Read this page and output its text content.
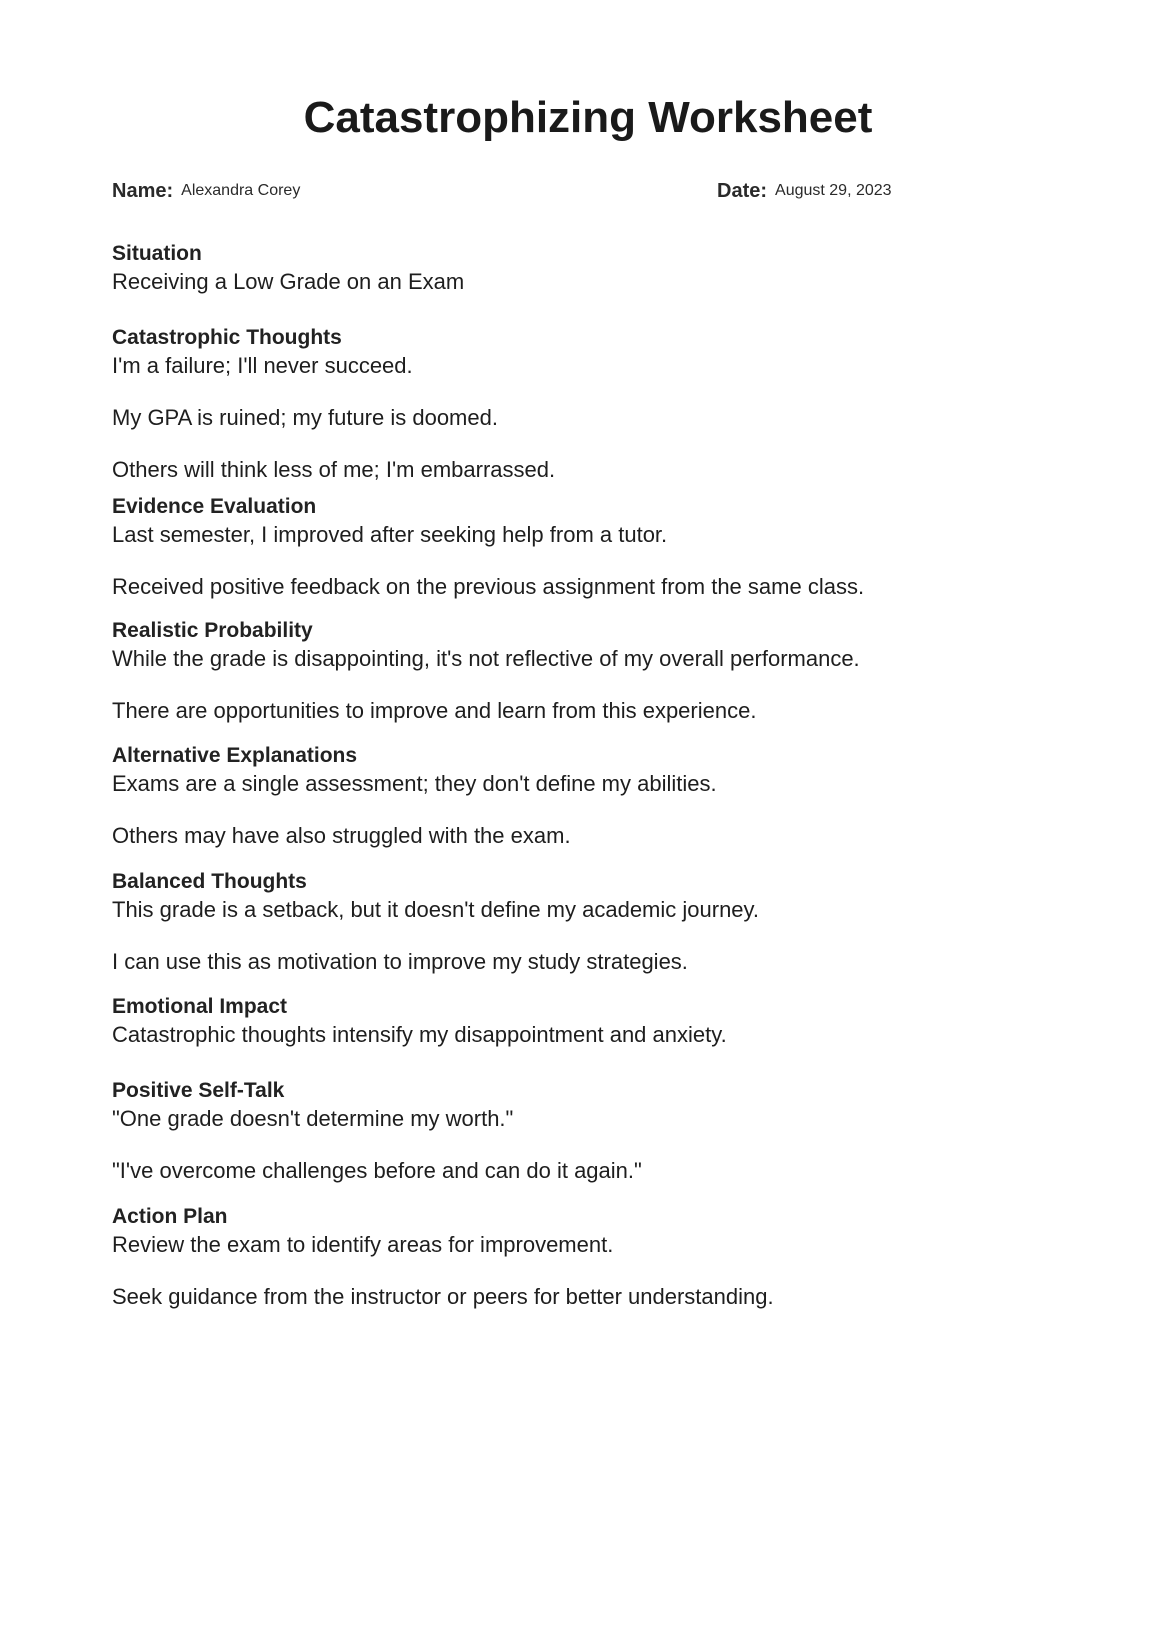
Catastrophizing Worksheet
Name: Alexandra Corey	Date: August 29, 2023

Situation

Receiving a Low Grade on an Exam

Catastrophic Thoughts

I'm a failure; I'll never succeed.

My GPA is ruined; my future is doomed.

Others will think less of me; I'm embarrassed.

Evidence Evaluation

Last semester, I improved after seeking help from a tutor.

Received positive feedback on the previous assignment from the same class.

Realistic Probability

While the grade is disappointing, it's not reflective of my overall performance.

There are opportunities to improve and learn from this experience.

Alternative Explanations

Exams are a single assessment; they don't define my abilities.

Others may have also struggled with the exam.

Balanced Thoughts

This grade is a setback, but it doesn't define my academic journey.

I can use this as motivation to improve my study strategies.

Emotional Impact

Catastrophic thoughts intensify my disappointment and anxiety.

Positive Self-Talk

"One grade doesn't determine my worth."

"I've overcome challenges before and can do it again."

Action Plan

Review the exam to identify areas for improvement.

Seek guidance from the instructor or peers for better understanding.
